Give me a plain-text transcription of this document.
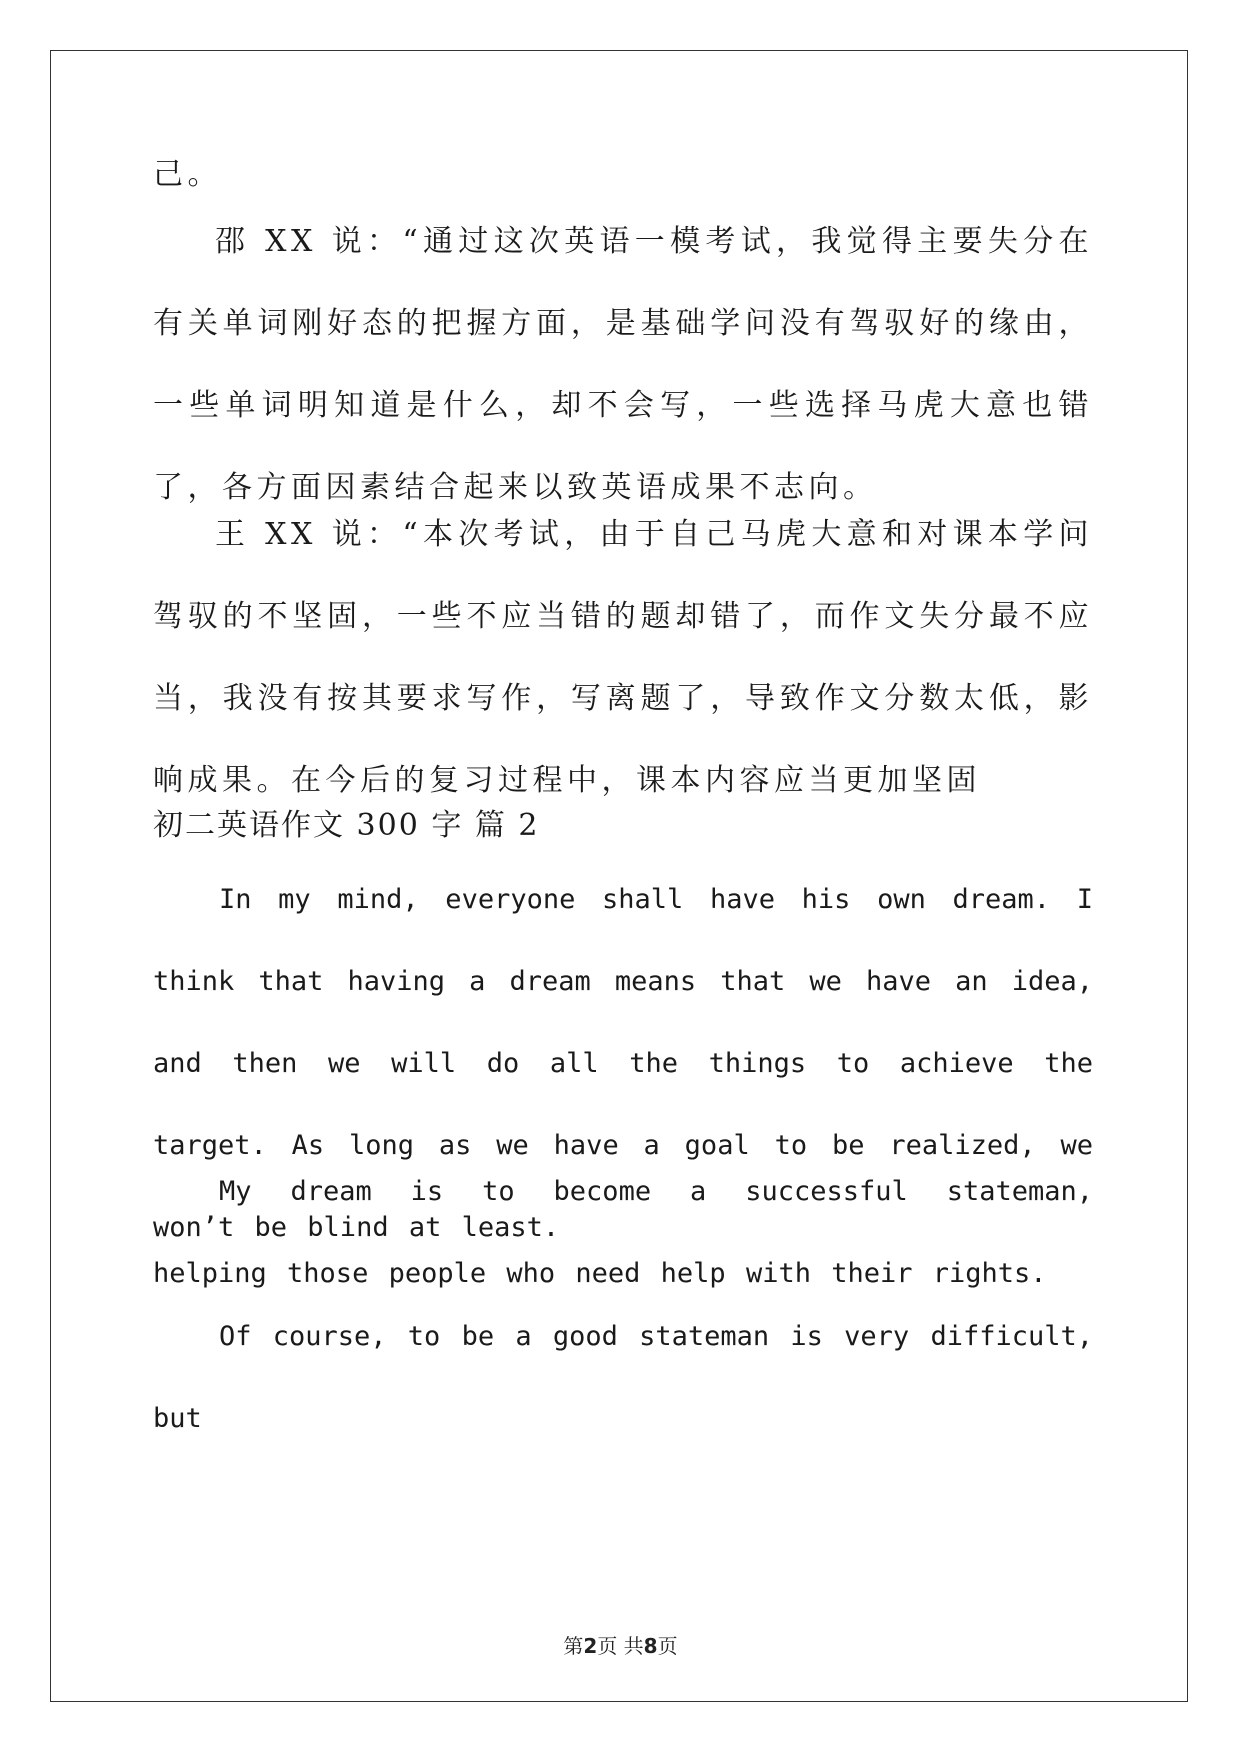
己。

邵 XX 说：“通过这次英语一模考试，我觉得主要失分在有关单词刚好态的把握方面，是基础学问没有驾驭好的缘由，一些单词明知道是什么，却不会写，一些选择马虎大意也错了，各方面因素结合起来以致英语成果不志向。

王 XX 说：“本次考试，由于自己马虎大意和对课本学问驾驭的不坚固，一些不应当错的题却错了，而作文失分最不应当，我没有按其要求写作，写离题了，导致作文分数太低，影响成果。在今后的复习过程中，课本内容应当更加坚固

初二英语作文 300 字 篇 2

In my mind, everyone shall have his own dream. I think that having a dream means that we have an idea, and then we will do all the things to achieve the target. As long as we have a goal to be realized, we won’t be blind at least.

My dream is to become a successful stateman, helping those people who need help with their rights.

Of course, to be a good stateman is very difficult, but

第2页 共8页
